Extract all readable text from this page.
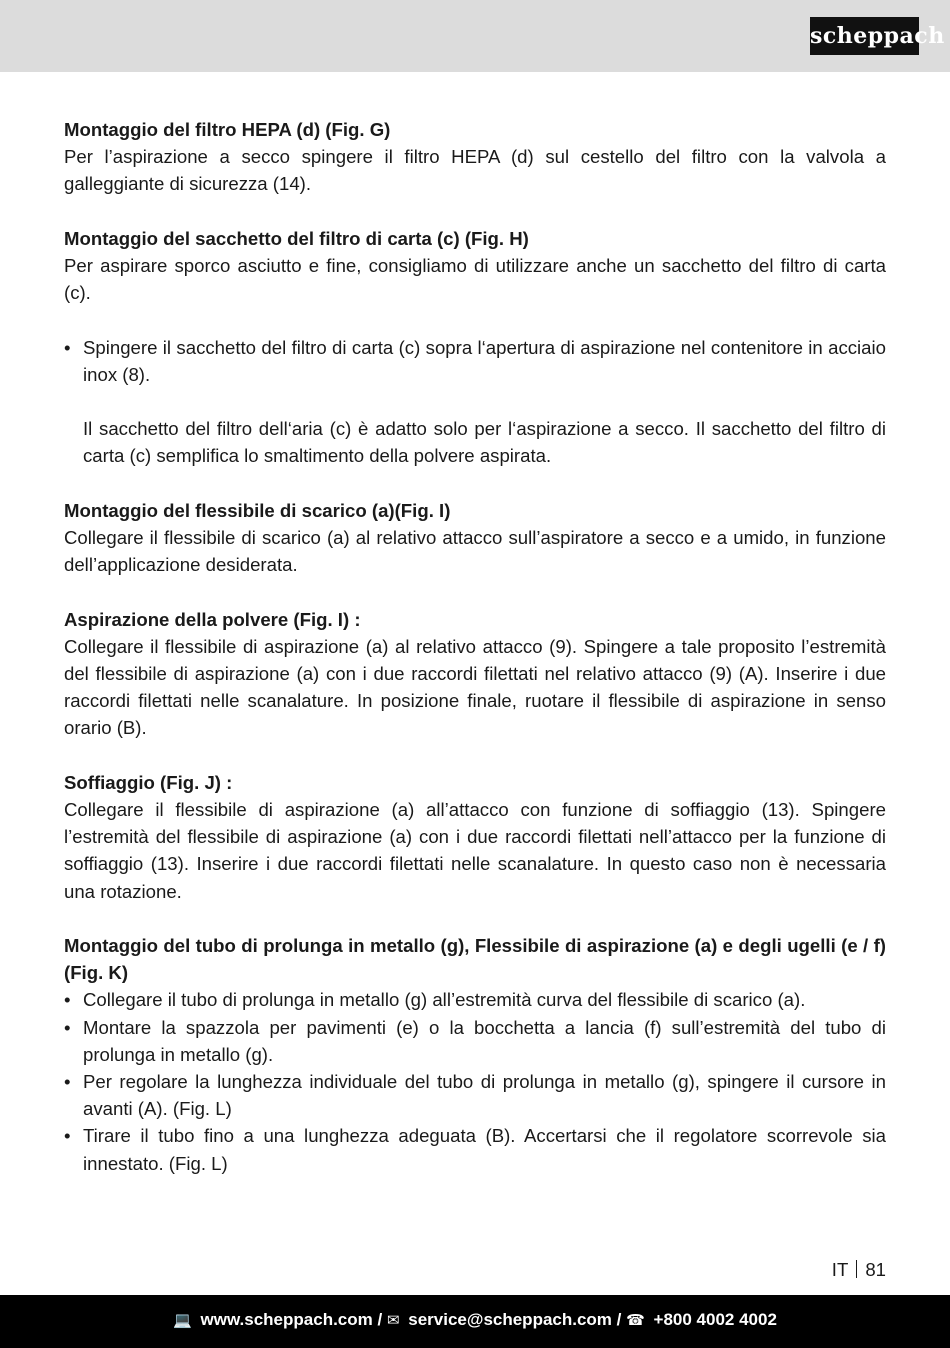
scheppach

Montaggio del filtro HEPA (d) (Fig. G)

Per l’aspirazione a secco spingere il filtro HEPA (d) sul cestello del filtro con la valvola a galleggiante di sicurezza (14).

Montaggio del sacchetto del filtro di carta (c) (Fig. H)

Per aspirare sporco asciutto e fine, consigliamo di utilizzare anche un sacchetto del filtro di carta (c).

• Spingere il sacchetto del filtro di carta (c) sopra l‘apertura di aspirazione nel contenitore in acciaio inox (8).

Il sacchetto del filtro dell‘aria (c) è adatto solo per l‘aspirazione a secco. Il sacchetto del filtro di carta (c) semplifica lo smaltimento della polvere aspirata.

Montaggio del flessibile di scarico (a)(Fig. I)

Collegare il flessibile di scarico (a) al relativo attacco sull’aspiratore a secco e a umido, in funzione dell’applicazione desiderata.

Aspirazione della polvere (Fig. I) :

Collegare il flessibile di aspirazione (a) al relativo attacco (9). Spingere a tale proposito l’estremità del flessibile di aspirazione (a) con i due raccordi filettati nel relativo attacco (9) (A). Inserire i due raccordi filettati nelle scanalature. In posizione finale, ruotare il flessibile di aspirazione in senso orario (B).

Soffiaggio (Fig. J) :

Collegare il flessibile di aspirazione (a) all’attacco con funzione di soffiaggio (13). Spingere l’estremità del flessibile di aspirazione (a) con i due raccordi filettati nell’attacco per la funzione di soffiaggio (13). Inserire i due raccordi filettati nelle scanalature. In questo caso non è necessaria una rotazione.

Montaggio del tubo di prolunga in metallo (g), Flessibile di aspirazione (a) e degli ugelli (e / f) (Fig. K)

• Collegare il tubo di prolunga in metallo (g) all’estremità curva del flessibile di scarico (a).
• Montare la spazzola per pavimenti (e) o la bocchetta a lancia (f) sull’estremità del tubo di prolunga in metallo (g).
• Per regolare la lunghezza individuale del tubo di prolunga in metallo (g), spingere il cursore in avanti (A). (Fig. L)
• Tirare il tubo fino a una lunghezza adeguata (B). Accertarsi che il regolatore scorrevole sia innestato. (Fig. L)
IT 81
💻 www.scheppach.com / ✉ service@scheppach.com / ☎ +800 4002 4002
